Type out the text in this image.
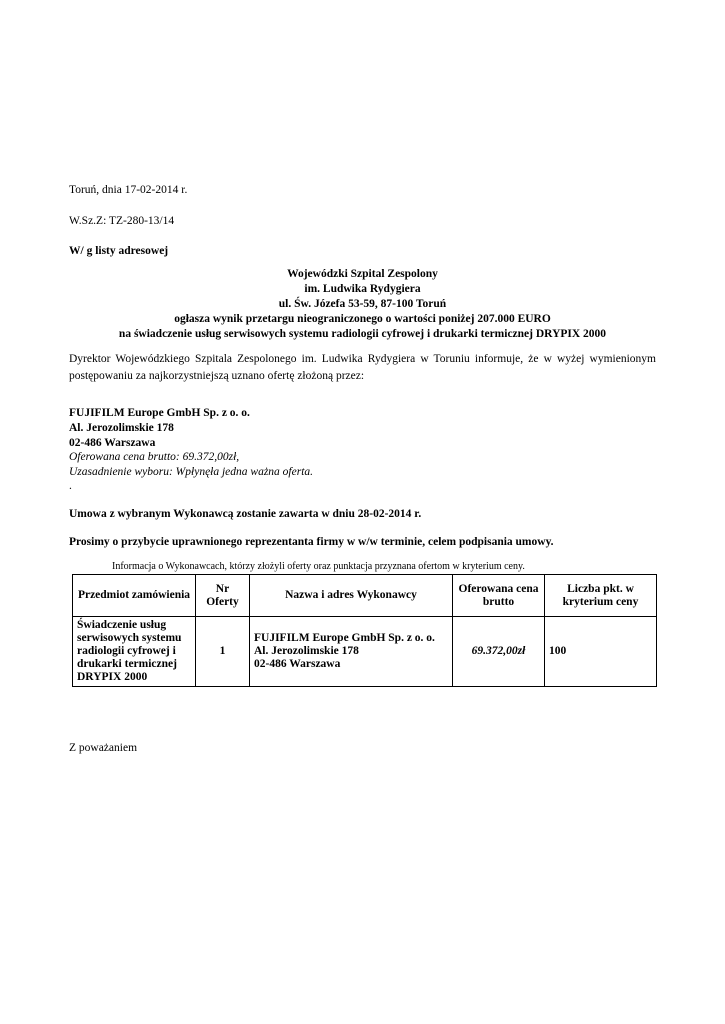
Toruń, dnia 17-02-2014 r.
W.Sz.Z: TZ-280-13/14
W/ g listy adresowej
Wojewódzki Szpital Zespolony
im. Ludwika Rydygiera
ul. Św. Józefa 53-59, 87-100 Toruń
ogłasza wynik przetargu nieograniczonego o wartości poniżej 207.000 EURO
na świadczenie usług serwisowych systemu radiologii cyfrowej i drukarki termicznej DRYPIX 2000
Dyrektor Wojewódzkiego Szpitala Zespolonego im. Ludwika Rydygiera w Toruniu informuje, że w wyżej wymienionym postępowaniu za najkorzystniejszą uznano ofertę złożoną przez:
FUJIFILM Europe GmbH Sp. z o. o.
Al. Jerozolimskie 178
02-486 Warszawa
Oferowana cena brutto: 69.372,00zł,
Uzasadnienie wyboru: Wpłynęła jedna ważna oferta.
.
Umowa z wybranym Wykonawcą zostanie zawarta w dniu 28-02-2014 r.
Prosimy o przybycie uprawnionego reprezentanta firmy w w/w terminie, celem podpisania umowy.
Informacja o Wykonawcach, którzy złożyli oferty oraz punktacja przyznana ofertom w kryterium ceny.
Przedmiot zamówienia	Nr Oferty	Nazwa i adres Wykonawcy	Oferowana cena brutto	Liczba pkt. w kryterium ceny
Świadczenie usług serwisowych systemu radiologii cyfrowej i drukarki termicznej DRYPIX 2000	1	FUJIFILM Europe GmbH Sp. z o. o.
Al. Jerozolimskie 178
02-486 Warszawa	69.372,00zł	100
Z poważaniem
